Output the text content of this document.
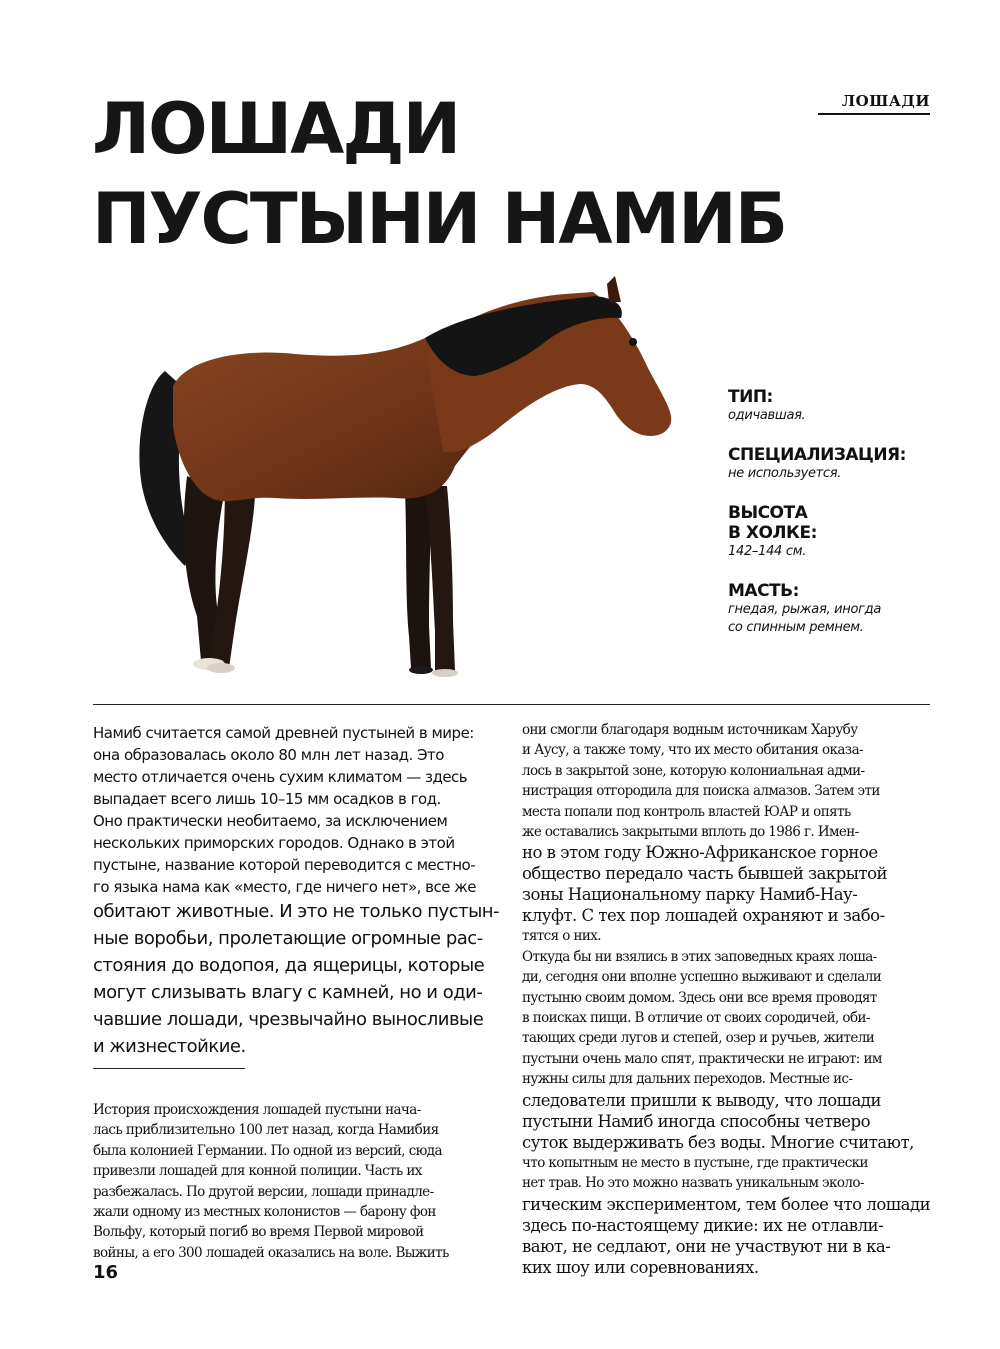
ЛОШАДИ
ЛОШАДИ
ПУСТЫНИ НАМИБ
ТИП:
одичавшая.
СПЕЦИАЛИЗАЦИЯ:
не используется.
ВЫСОТА
В ХОЛКЕ:
142–144 см.
МАСТЬ:
гнедая, рыжая, иногда
со спинным ремнем.
Намиб считается самой древней пустыней в мире:
она образовалась около 80 млн лет назад. Это
место отличается очень сухим климатом — здесь
выпадает всего лишь 10–15 мм осадков в год.
Оно практически необитаемо, за исключением
нескольких приморских городов. Однако в этой
пустыне, название которой переводится с местно-
го языка нама как «место, где ничего нет», все же
обитают животные. И это не только пустын-
ные воробьи, пролетающие огромные рас-
стояния до водопоя, да ящерицы, которые
могут слизывать влагу с камней, но и оди-
чавшие лошади, чрезвычайно выносливые
и жизнестойкие.
История происхождения лошадей пустыни нача-
лась приблизительно 100 лет назад, когда Намибия
была колонией Германии. По одной из версий, сюда
привезли лошадей для конной полиции. Часть их
разбежалась. По другой версии, лошади принадле-
жали одному из местных колонистов — барону фон
Вольфу, который погиб во время Первой мировой
войны, а его 300 лошадей оказались на воле. Выжить
они смогли благодаря водным источникам Харубу
и Аусу, а также тому, что их место обитания оказа-
лось в закрытой зоне, которую колониальная адми-
нистрация отгородила для поиска алмазов. Затем эти
места попали под контроль властей ЮАР и опять
же оставались закрытыми вплоть до 1986 г. Имен-
но в этом году Южно-Африканское горное
общество передало часть бывшей закрытой
зоны Национальному парку Намиб-Нау-
клуфт. С тех пор лошадей охраняют и забо-
тятся о них.
Откуда бы ни взялись в этих заповедных краях лоша-
ди, сегодня они вполне успешно выживают и сделали
пустыню своим домом. Здесь они все время проводят
в поисках пищи. В отличие от своих сородичей, оби-
тающих среди лугов и степей, озер и ручьев, жители
пустыни очень мало спят, практически не играют: им
нужны силы для дальних переходов. Местные ис-
следователи пришли к выводу, что лошади
пустыни Намиб иногда способны четверо
суток выдерживать без воды. Многие считают,
что копытным не место в пустыне, где практически
нет трав. Но это можно назвать уникальным эколо-
гическим экспериментом, тем более что лошади
здесь по-настоящему дикие: их не отлавли-
вают, не седлают, они не участвуют ни в ка-
ких шоу или соревнованиях.
16
